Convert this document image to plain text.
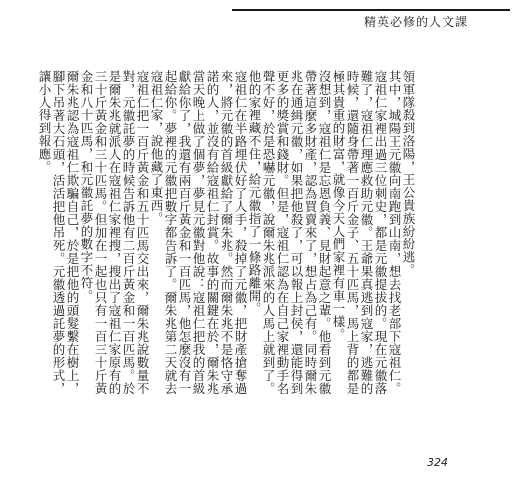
精英必修的人文課

領軍隊殺到洛陽，王公貴族紛紛逃。

其中，城陽王元徽向南跑到山南，想去找老部下寇祖仁。寇祖仁家裡出過三位刺史，都是元徽提拔的。現在元徽落難了，寇祖仁理應救助元徽。王爺果真逃到寇家，逃難的時候，還隨身帶著一百斤金子、五十匹馬，馬上背的都是極其貴重的財富，就像今天人們家裡有車一樣。

沒想到，寇祖仁是忘恩負義、見財起意之輩。他看到元徽帶著這麼多財產，認為買賣來了，想占為己有。同時爾朱兆在通緝元徽，如果把他殺了，可以報上封侯，還能得到更多的獎賞和錢財。但是，寇祖仁認為在自己家裡動手名聲不好，於是恐嚇元徽，說爾朱兆派來的人馬上就到了。他的家裡藏不住，給元徽指了一條路離開。

寇祖仁在半路埋伏好了人手，殺掉了元徽，把財產搶奪過來，將元徽的首級獻給了爾朱兆。然而爾朱兆不是恪守承諾的人，並沒有給寇祖仁封賞。故事的關鍵在於，爾朱兆當天晚上做了個夢，夢見元徽對他說：寇祖仁把我的首級獻給你了，我還有兩百斤黃金和一百匹馬，他怎麼沒有一起給你。夢裡的元徽把數字都告訴了。爾朱兆第二天就去寇祖仁家，說他藏了東西。

寇祖仁把一百斤黃金和五十匹馬交出來，爾朱兆說數量不對，元徽託夢的時候告訴他有二百斤黃金和一百匹馬。於是爾朱兆就派人在寇祖仁家裡搜，搜出了寇祖仁家原有的三十斤黃金和三十匹馬。但加在一起也只有一百三十斤黃金和八十匹馬，和元徽託夢的數字不符。

爾朱兆認為寇祖仁欺騙自己，於是把他的頭髮繫在樹上，腳下吊著大石頭，活活把他吊死。元徽透過託夢的形式，讓小人得到報應。

324
